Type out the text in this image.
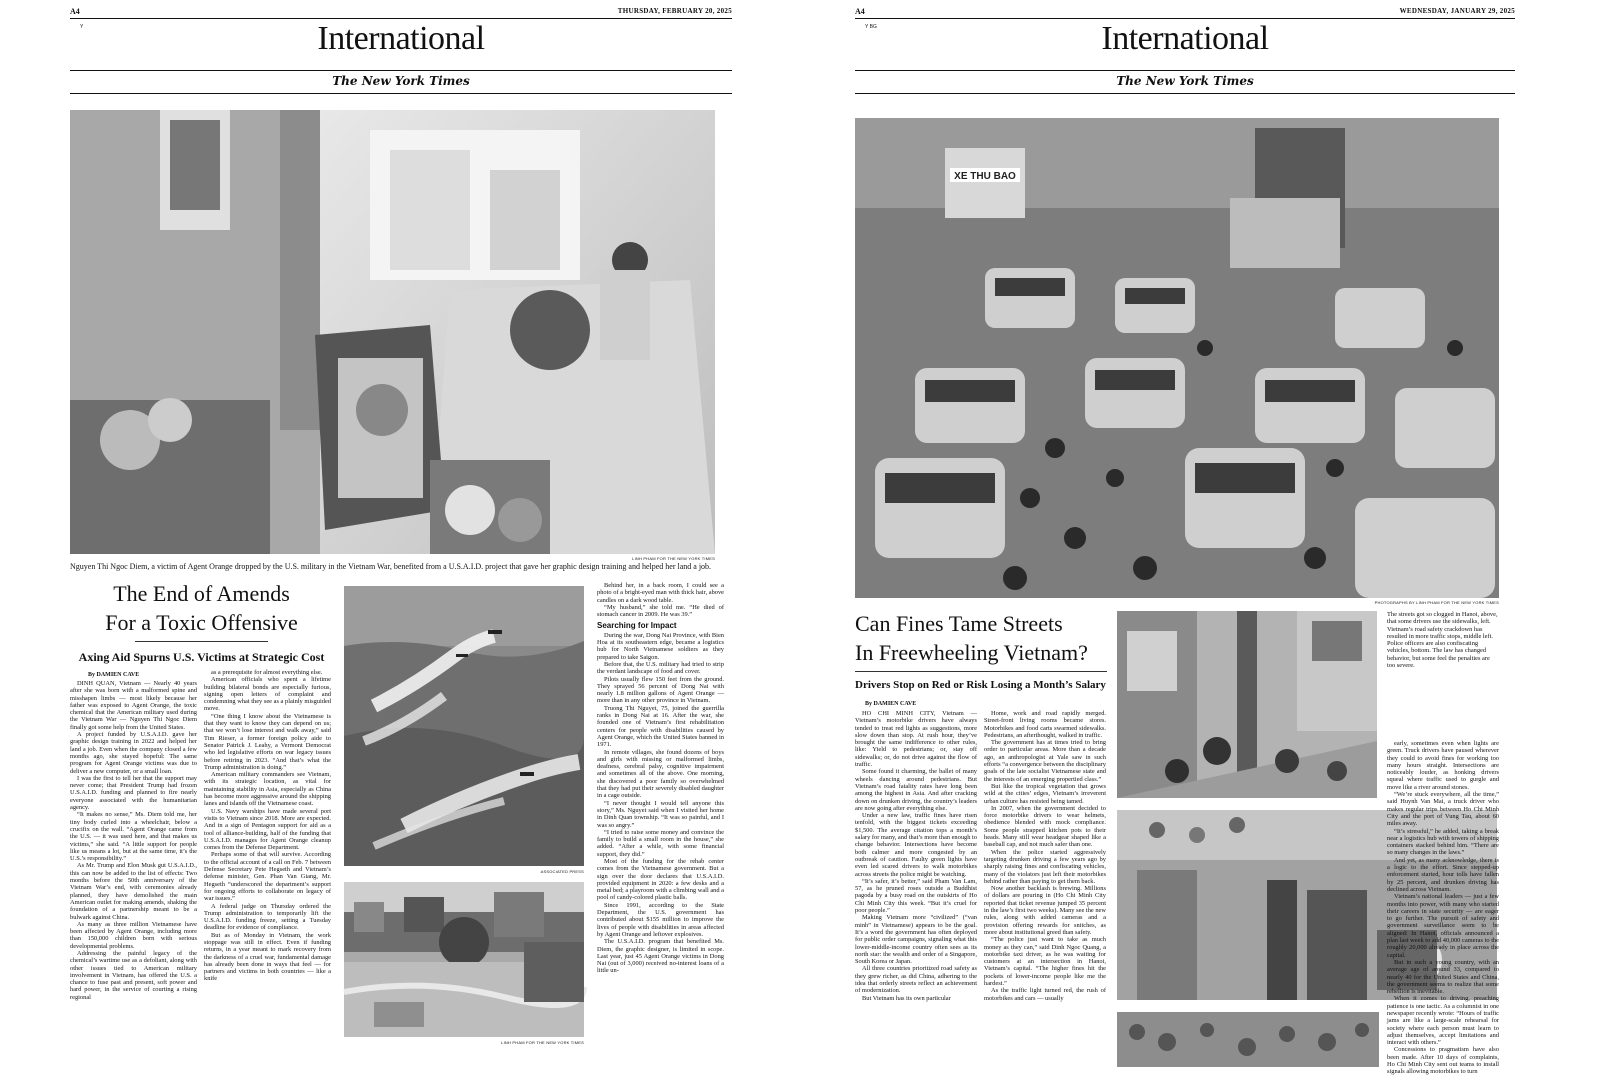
A4	THURSDAY, FEBRUARY 20, 2025
Y	International
The New York Times
LINH PHAM FOR THE NEW YORK TIMES
Nguyen Thi Ngoc Diem, a victim of Agent Orange dropped by the U.S. military in the Vietnam War, benefited from a U.S.A.I.D. project that gave her graphic design training and helped her land a job.
The End of Amends
For a Toxic Offensive
Axing Aid Spurns U.S. Victims at Strategic Cost
By DAMIEN CAVE

DINH QUAN, Vietnam — Nearly 40 years after she was born with a malformed spine and misshapen limbs — most likely because her father was exposed to Agent Orange, the toxic chemical that the American military used during the Vietnam War — Nguyen Thi Ngoc Diem finally got some help from the United States.

A project funded by U.S.A.I.D. gave her graphic design training in 2022 and helped her land a job. Even when the company closed a few months ago, she stayed hopeful: The same program for Agent Orange victims was due to deliver a new computer, or a small loan.

I was the first to tell her that the support may never come; that President Trump had frozen U.S.A.I.D. funding and planned to fire nearly everyone associated with the humanitarian agency.

“It makes no sense,” Ms. Diem told me, her tiny body curled into a wheelchair, below a crucifix on the wall. “Agent Orange came from the U.S. — it was used here, and that makes us victims,” she said. “A little support for people like us means a lot, but at the same time, it’s the U.S.’s responsibility.”

As Mr. Trump and Elon Musk gut U.S.A.I.D., this can now be added to the list of effects: Two months before the 50th anniversary of the Vietnam War’s end, with ceremonies already planned, they have demolished the main American outlet for making amends, shaking the foundation of a partnership meant to be a bulwark against China.

As many as three million Vietnamese have been affected by Agent Orange, including more than 150,000 children born with serious developmental problems.

Addressing the painful legacy of the chemical’s wartime use as a defoliant, along with other issues tied to American military involvement in Vietnam, has offered the U.S. a chance to fuse past and present, soft power and hard power, in the service of courting a rising regional

as a prerequisite for almost everything else.

American officials who spent a lifetime building bilateral bonds are especially furious, signing open letters of complaint and condemning what they see as a plainly misguided move.

“One thing I know about the Vietnamese is that they want to know they can depend on us; that we won’t lose interest and walk away,” said Tim Rieser, a former foreign policy aide to Senator Patrick J. Leahy, a Vermont Democrat who led legislative efforts on war legacy issues before retiring in 2023. “And that’s what the Trump administration is doing.”

American military commanders see Vietnam, with its strategic location, as vital for maintaining stability in Asia, especially as China has become more aggressive around the shipping lanes and islands off the Vietnamese coast.

U.S. Navy warships have made several port visits to Vietnam since 2018. More are expected. And in a sign of Pentagon support for aid as a tool of alliance-building, half of the funding that U.S.A.I.D. manages for Agent Orange cleanup comes from the Defense Department.

Perhaps some of that will survive. According to the official account of a call on Feb. 7 between Defense Secretary Pete Hegseth and Vietnam’s defense minister, Gen. Phan Van Giang, Mr. Hegseth “underscored the department’s support for ongoing efforts to collaborate on legacy of war issues.”

A federal judge on Thursday ordered the Trump administration to temporarily lift the U.S.A.I.D. funding freeze, setting a Tuesday deadline for evidence of compliance.

But as of Monday in Vietnam, the work stoppage was still in effect. Even if funding returns, in a year meant to mark recovery from the darkness of a cruel war, fundamental damage has already been done in ways that feel — for partners and victims in both countries — like a knife

ASSOCIATED PRESS
LINH PHAM FOR THE NEW YORK TIMES

Behind her, in a back room, I could see a photo of a bright-eyed man with thick hair, above candles on a dark wood table.

“My husband,” she told me. “He died of stomach cancer in 2009. He was 39.”

Searching for Impact

During the war, Dong Nai Province, with Bien Hoa at its southeastern edge, became a logistics hub for North Vietnamese soldiers as they prepared to take Saigon.

Before that, the U.S. military had tried to strip the verdant landscape of food and cover.

Pilots usually flew 150 feet from the ground. They sprayed 56 percent of Dong Nai with nearly 1.8 million gallons of Agent Orange — more than in any other province in Vietnam.

Truong Thi Nguyet, 75, joined the guerrilla ranks in Dong Nai at 16. After the war, she founded one of Vietnam’s first rehabilitation centers for people with disabilities caused by Agent Orange, which the United States banned in 1971.

In remote villages, she found dozens of boys and girls with missing or malformed limbs, deafness, cerebral palsy, cognitive impairment and sometimes all of the above. One morning, she discovered a poor family so overwhelmed that they had put their severely disabled daughter in a cage outside.

“I never thought I would tell anyone this story,” Ms. Nguyet said when I visited her home in Dinh Quan township. “It was so painful, and I was so angry.”

“I tried to raise some money and convince the family to build a small room in the house,” she added. “After a while, with some financial support, they did.”

Most of the funding for the rehab center comes from the Vietnamese government. But a sign over the door declares that U.S.A.I.D. provided equipment in 2020: a few desks and a metal bed; a playroom with a climbing wall and a pool of candy-colored plastic balls.

Since 1991, according to the State Department, the U.S. government has contributed about $155 million to improve the lives of people with disabilities in areas affected by Agent Orange and leftover explosives.

The U.S.A.I.D. program that benefited Ms. Diem, the graphic designer, is limited in scope. Last year, just 45 Agent Orange victims in Dong Nai (out of 3,000) received no-interest loans of a little un-

A4	WEDNESDAY, JANUARY 29, 2025
Y BG	International
The New York Times
XE THU BAO
PHOTOGRAPHS BY LINH PHAM FOR THE NEW YORK TIMES
Can Fines Tame Streets
In Freewheeling Vietnam?
Drivers Stop on Red or Risk Losing a Month’s Salary
By DAMIEN CAVE

HO CHI MINH CITY, Vietnam — Vietnam’s motorbike drivers have always tended to treat red lights as suggestions, more slow down than stop. At rush hour, they’ve brought the same indifference to other rules, like: Yield to pedestrians; or, stay off sidewalks; or, do not drive against the flow of traffic.

Some found it charming, the ballet of many wheels dancing around pedestrians. But Vietnam’s road fatality rates have long been among the highest in Asia. And after cracking down on drunken driving, the country’s leaders are now going after everything else.

Under a new law, traffic fines have risen tenfold, with the biggest tickets exceeding $1,500. The average citation tops a month’s salary for many, and that’s more than enough to change behavior. Intersections have become both calmer and more congested by an outbreak of caution. Faulty green lights have even led scared drivers to walk motorbikes across streets the police might be watching.

“It’s safer, it’s better,” said Pham Van Lam, 57, as he pruned roses outside a Buddhist pagoda by a busy road on the outskirts of Ho Chi Minh City this week. “But it’s cruel for poor people.”

Making Vietnam more “civilized” (“van minh” in Vietnamese) appears to be the goal. It’s a word the government has often deployed for public order campaigns, signaling what this lower-middle-income country often sees as its north star: the wealth and order of a Singapore, South Korea or Japan.

All three countries prioritized road safety as they grew richer, as did China, adhering to the idea that orderly streets reflect an achievement of modernization.

But Vietnam has its own particular

Home, work and road rapidly merged. Street-front living rooms became stores. Motorbikes and food carts swarmed sidewalks. Pedestrians, an afterthought, walked in traffic.

The government has at times tried to bring order to particular areas. More than a decade ago, an anthropologist at Yale saw in such efforts “a convergence between the disciplinary goals of the late socialist Vietnamese state and the interests of an emerging propertied class.”

But like the tropical vegetation that grows wild at the cities’ edges, Vietnam’s irreverent urban culture has resisted being tamed.

In 2007, when the government decided to force motorbike drivers to wear helmets, obedience blended with mock compliance. Some people strapped kitchen pots to their heads. Many still wear headgear shaped like a baseball cap, and not much safer than one.

When the police started aggressively targeting drunken driving a few years ago by sharply raising fines and confiscating vehicles, many of the violators just left their motorbikes behind rather than paying to get them back.

Now another backlash is brewing. Millions of dollars are pouring in (Ho Chi Minh City reported that ticket revenue jumped 35 percent in the law’s first two weeks). Many see the new rules, along with added cameras and a provision offering rewards for snitches, as more about institutional greed than safety.

“The police just want to take as much money as they can,” said Dinh Ngoc Quang, a motorbike taxi driver, as he was waiting for customers at an intersection in Hanoi, Vietnam’s capital. “The higher fines hit the pockets of lower-income people like me the hardest.”

As the traffic light turned red, the rush of motorbikes and cars — usually

The streets got so clogged in Hanoi, above, that some drivers use the sidewalks, left. Vietnam’s road safety crackdown has resulted in more traffic stops, middle left. Police officers are also confiscating vehicles, bottom. The law has changed behavior, but some feel the penalties are too severe.

early, sometimes even when lights are green. Truck drivers have paused wherever they could to avoid fines for working too many hours straight. Intersections are noticeably louder, as honking drivers squeal where traffic used to gurgle and move like a river around stones.

“We’re stuck everywhere, all the time,” said Huynh Van Mai, a truck driver who makes regular trips between Ho Chi Minh City and the port of Vung Tau, about 60 miles away.

“It’s stressful,” he added, taking a break near a logistics hub with towers of shipping containers stacked behind him. “There are so many changes in the laws.”

And yet, as many acknowledge, there is a logic to the effort. Since stepped-up enforcement started, hour tolls have fallen by 25 percent, and drunken driving has declined across Vietnam.

Vietnam’s national leaders — just a few months into power, with many who started their careers in state security — are eager to go further. The pursuit of safety and government surveillance seem to be aligned: In Hanoi, officials announced a plan last week to add 40,000 cameras to the roughly 20,000 already in place across the capital.

But in such a young country, with an average age of around 33, compared to nearly 40 for the United States and China, the government seems to realize that some rebellion is inevitable.

When it comes to driving, preaching patience is one tactic. As a columnist in one newspaper recently wrote: “Hours of traffic jams are like a large-scale rehearsal for society where each person must learn to adjust themselves, accept limitations and interact with others.”

Concessions to pragmatism have also been made. After 10 days of complaints, Ho Chi Minh City sent out teams to install signals allowing motorbikes to turn
